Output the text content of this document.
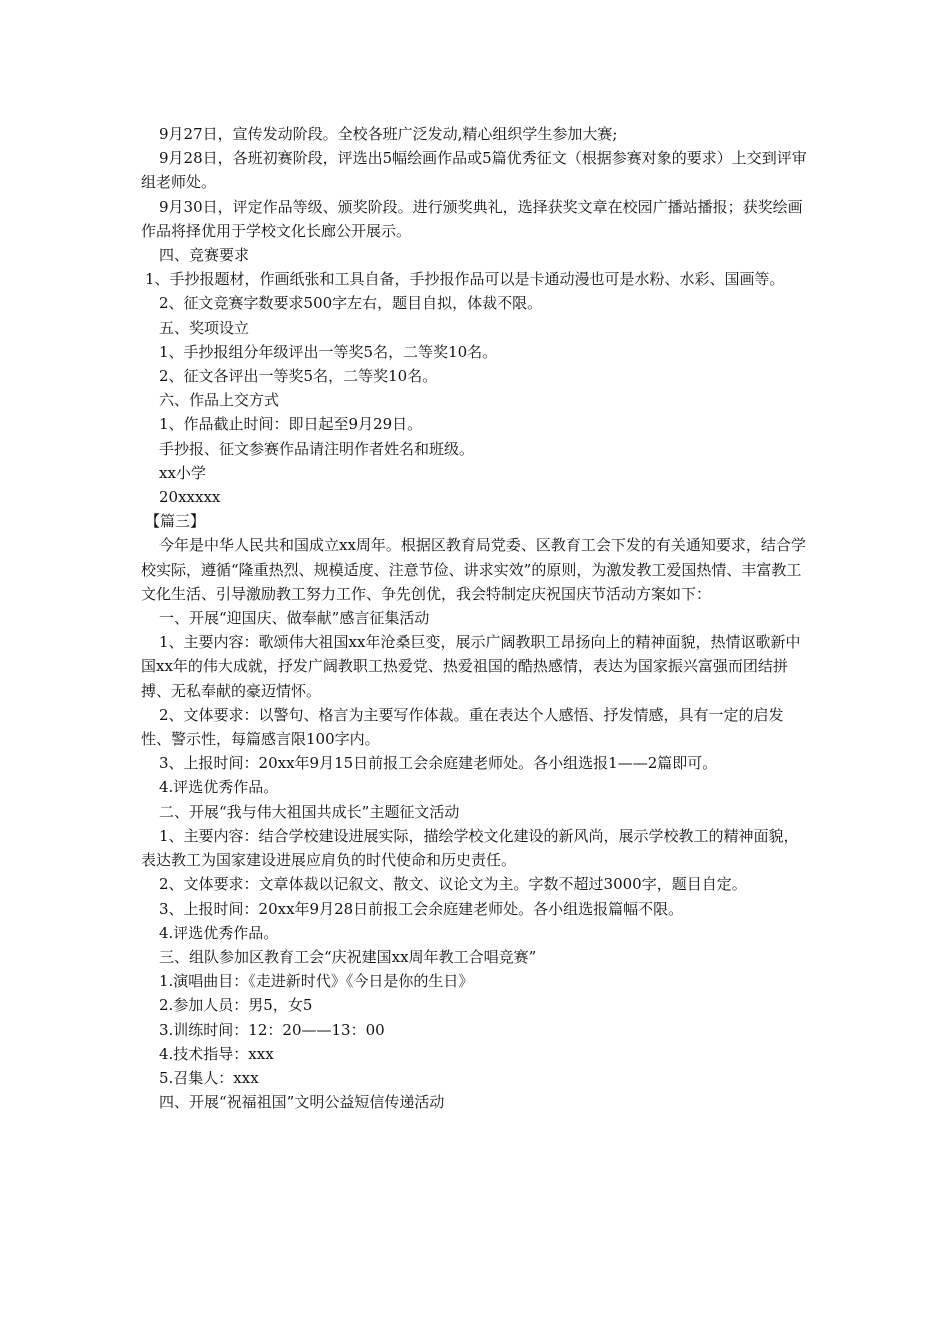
9月27日，宣传发动阶段。全校各班广泛发动,精心组织学生参加大赛;

9月28日，各班初赛阶段，评选出5幅绘画作品或5篇优秀征文（根据参赛对象的要求）上交到评审组老师处。

9月30日，评定作品等级、颁奖阶段。进行颁奖典礼，选择获奖文章在校园广播站播报；获奖绘画作品将择优用于学校文化长廊公开展示。

四、竞赛要求

1、手抄报题材，作画纸张和工具自备，手抄报作品可以是卡通动漫也可是水粉、水彩、国画等。

2、征文竞赛字数要求500字左右，题目自拟，体裁不限。

五、奖项设立

1、手抄报组分年级评出一等奖5名，二等奖10名。

2、征文各评出一等奖5名，二等奖10名。

六、作品上交方式

1、作品截止时间：即日起至9月29日。

手抄报、征文参赛作品请注明作者姓名和班级。

xx小学

20xxxxx

【篇三】

今年是中华人民共和国成立xx周年。根据区教育局党委、区教育工会下发的有关通知要求，结合学校实际，遵循“隆重热烈、规模适度、注意节俭、讲求实效”的原则，为激发教工爱国热情、丰富教工文化生活、引导激励教工努力工作、争先创优，我会特制定庆祝国庆节活动方案如下：

一、开展“迎国庆、做奉献”感言征集活动

1、主要内容：歌颂伟大祖国xx年沧桑巨变，展示广阔教职工昂扬向上的精神面貌，热情讴歌新中国xx年的伟大成就，抒发广阔教职工热爱党、热爱祖国的酷热感情，表达为国家振兴富强而团结拼搏、无私奉献的豪迈情怀。

2、文体要求：以警句、格言为主要写作体裁。重在表达个人感悟、抒发情感，具有一定的启发性、警示性，每篇感言限100字内。

3、上报时间：20xx年9月15日前报工会余庭建老师处。各小组选报1——2篇即可。

4.评选优秀作品。

二、开展“我与伟大祖国共成长”主题征文活动

1、主要内容：结合学校建设进展实际，描绘学校文化建设的新风尚，展示学校教工的精神面貌，表达教工为国家建设进展应肩负的时代使命和历史责任。

2、文体要求：文章体裁以记叙文、散文、议论文为主。字数不超过3000字，题目自定。

3、上报时间：20xx年9月28日前报工会余庭建老师处。各小组选报篇幅不限。

4.评选优秀作品。

三、组队参加区教育工会“庆祝建国xx周年教工合唱竞赛”

1.演唱曲目：《走进新时代》《今日是你的生日》

2.参加人员：男5，女5

3.训练时间：12：20——13：00

4.技术指导：xxx

5.召集人：xxx

四、开展“祝福祖国”文明公益短信传递活动
